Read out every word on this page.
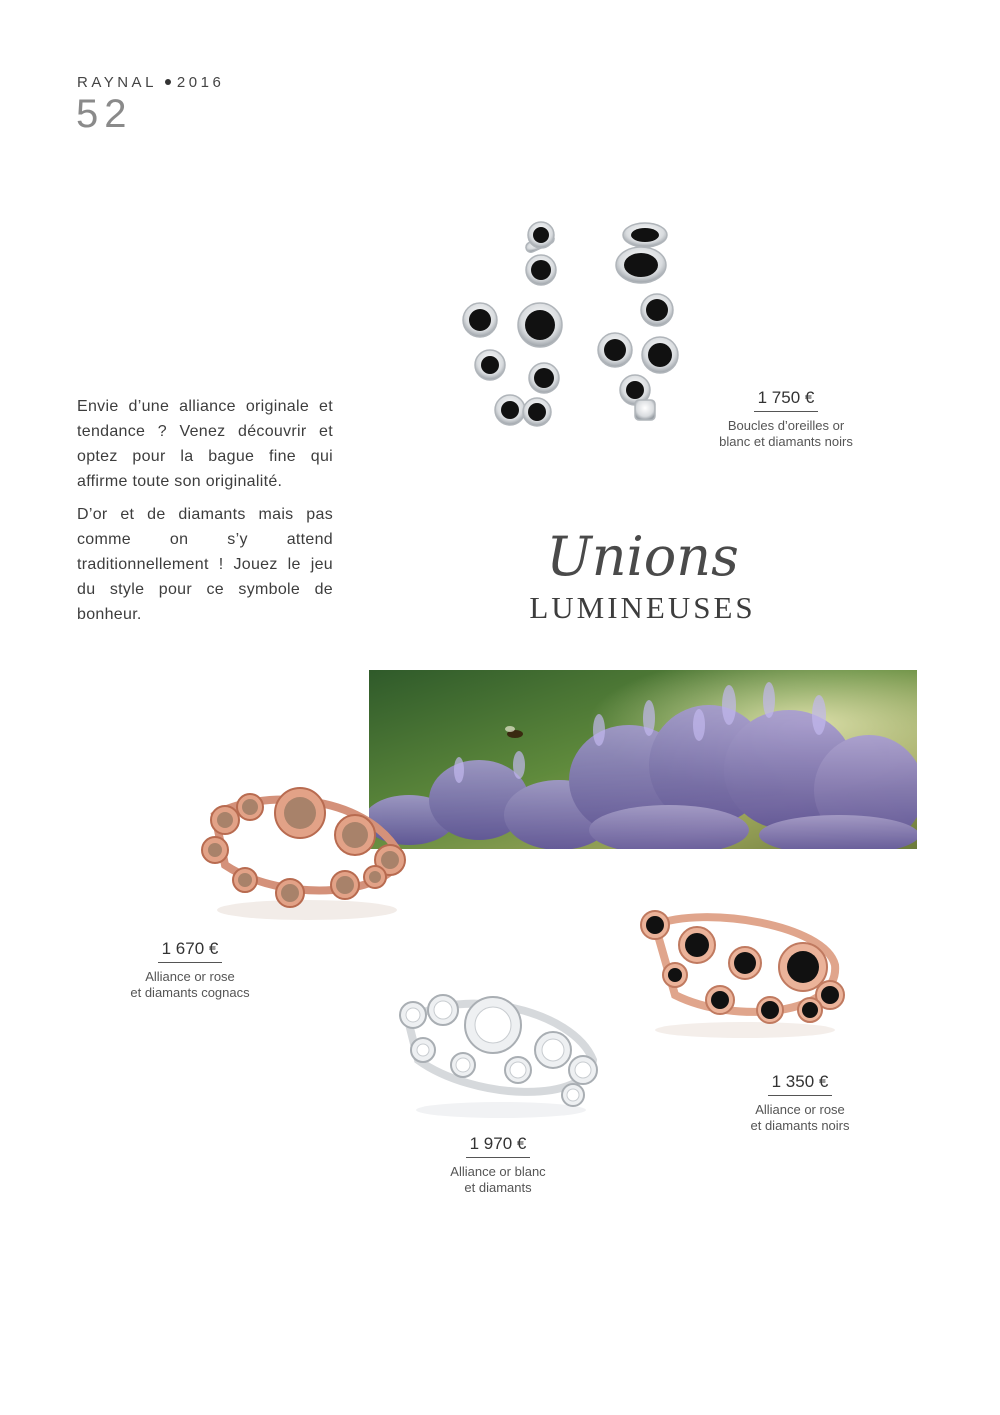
RAYNAL 2016
52
1 750 €
Boucles d’oreilles or
blanc et diamants noirs

Envie d’une alliance originale et tendance ? Venez découvrir et optez pour la bague fine qui affirme toute son originalité.

D’or et de diamants mais pas comme on s’y attend traditionnellement ! Jouez le jeu du style pour ce symbole de bonheur.

Unions
LUMINEUSES
1 670 €
Alliance or rose
et diamants cognacs
1 350 €
Alliance or rose
et diamants noirs
1 970 €
Alliance or blanc
et diamants
